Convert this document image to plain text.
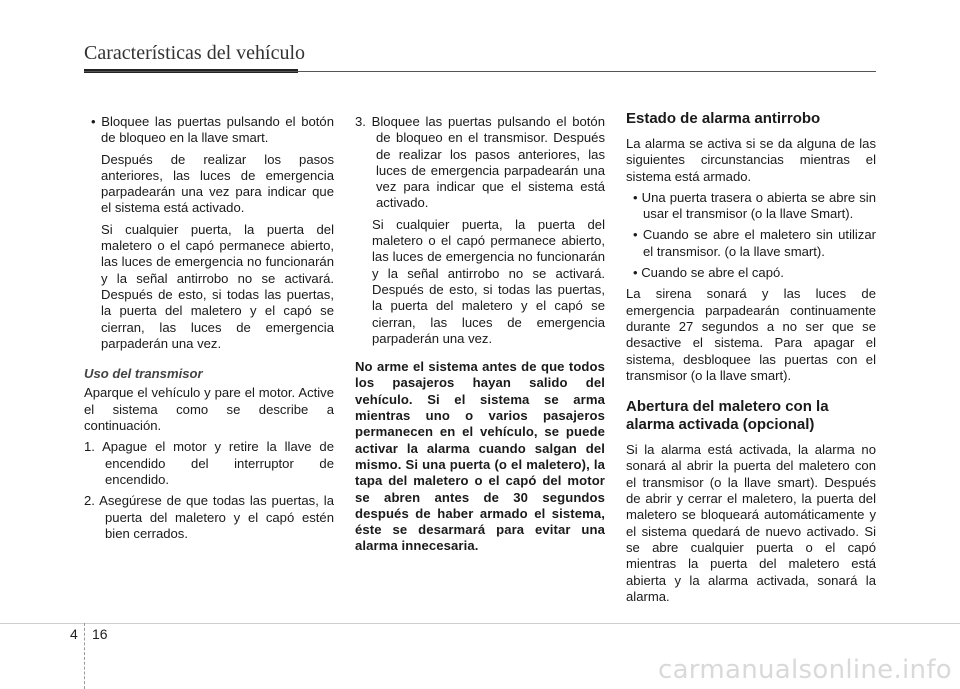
Características del vehículo

• Bloquee las puertas pulsando el botón de bloqueo en la llave smart.

Después de realizar los pasos anteriores, las luces de emergencia parpadearán una vez para indicar que el sistema está activado.

Si cualquier puerta, la puerta del maletero o el capó permanece abierto, las luces de emergencia no funcionarán y la señal antirrobo no se activará. Después de esto, si todas las puertas, la puerta del maletero y el capó se cierran, las luces de emergencia parpaderán una vez.

Uso del transmisor

Aparque el vehículo y pare el motor. Active el sistema como se describe a continuación.

1. Apague el motor y retire la llave de encendido del interruptor de encendido.

2. Asegúrese de que todas las puertas, la puerta del maletero y el capó estén bien cerrados.

3. Bloquee las puertas pulsando el botón de bloqueo en el transmisor. Después de realizar los pasos anteriores, las luces de emergencia parpadearán una vez para indicar que el sistema está activado.

Si cualquier puerta, la puerta del maletero o el capó permanece abierto, las luces de emergencia no funcionarán y la señal antirrobo no se activará. Después de esto, si todas las puertas, la puerta del maletero y el capó se cierran, las luces de emergencia parpaderán una vez.

No arme el sistema antes de que todos los pasajeros hayan salido del vehículo. Si el sistema se arma mientras uno o varios pasajeros permanecen en el vehículo, se puede activar la alarma cuando salgan del mismo. Si una puerta (o el maletero), la tapa del maletero o el capó del motor se abren antes de 30 segundos después de haber armado el sistema, éste se desarmará para evitar una alarma innecesaria.

Estado de alarma antirrobo

La alarma se activa si se da alguna de las siguientes circunstancias mientras el sistema está armado.

• Una puerta trasera o abierta se abre sin usar el transmisor (o la llave Smart).

• Cuando se abre el maletero sin utilizar el transmisor. (o la llave smart).

• Cuando se abre el capó.

La sirena sonará y las luces de emergencia parpadearán continuamente durante 27 segundos a no ser que se desactive el sistema. Para apagar el sistema, desbloquee las puertas con el transmisor (o la llave smart).

Abertura del maletero con la alarma activada (opcional)

Si la alarma está activada, la alarma no sonará al abrir la puerta del maletero con el transmisor (o la llave smart). Después de abrir y cerrar el maletero, la puerta del maletero se bloqueará automáticamente y el sistema quedará de nuevo activado. Si se abre cualquier puerta o el capó mientras la puerta del maletero está abierta y la alarma activada, sonará la alarma.

4 16
carmanualsonline.info
